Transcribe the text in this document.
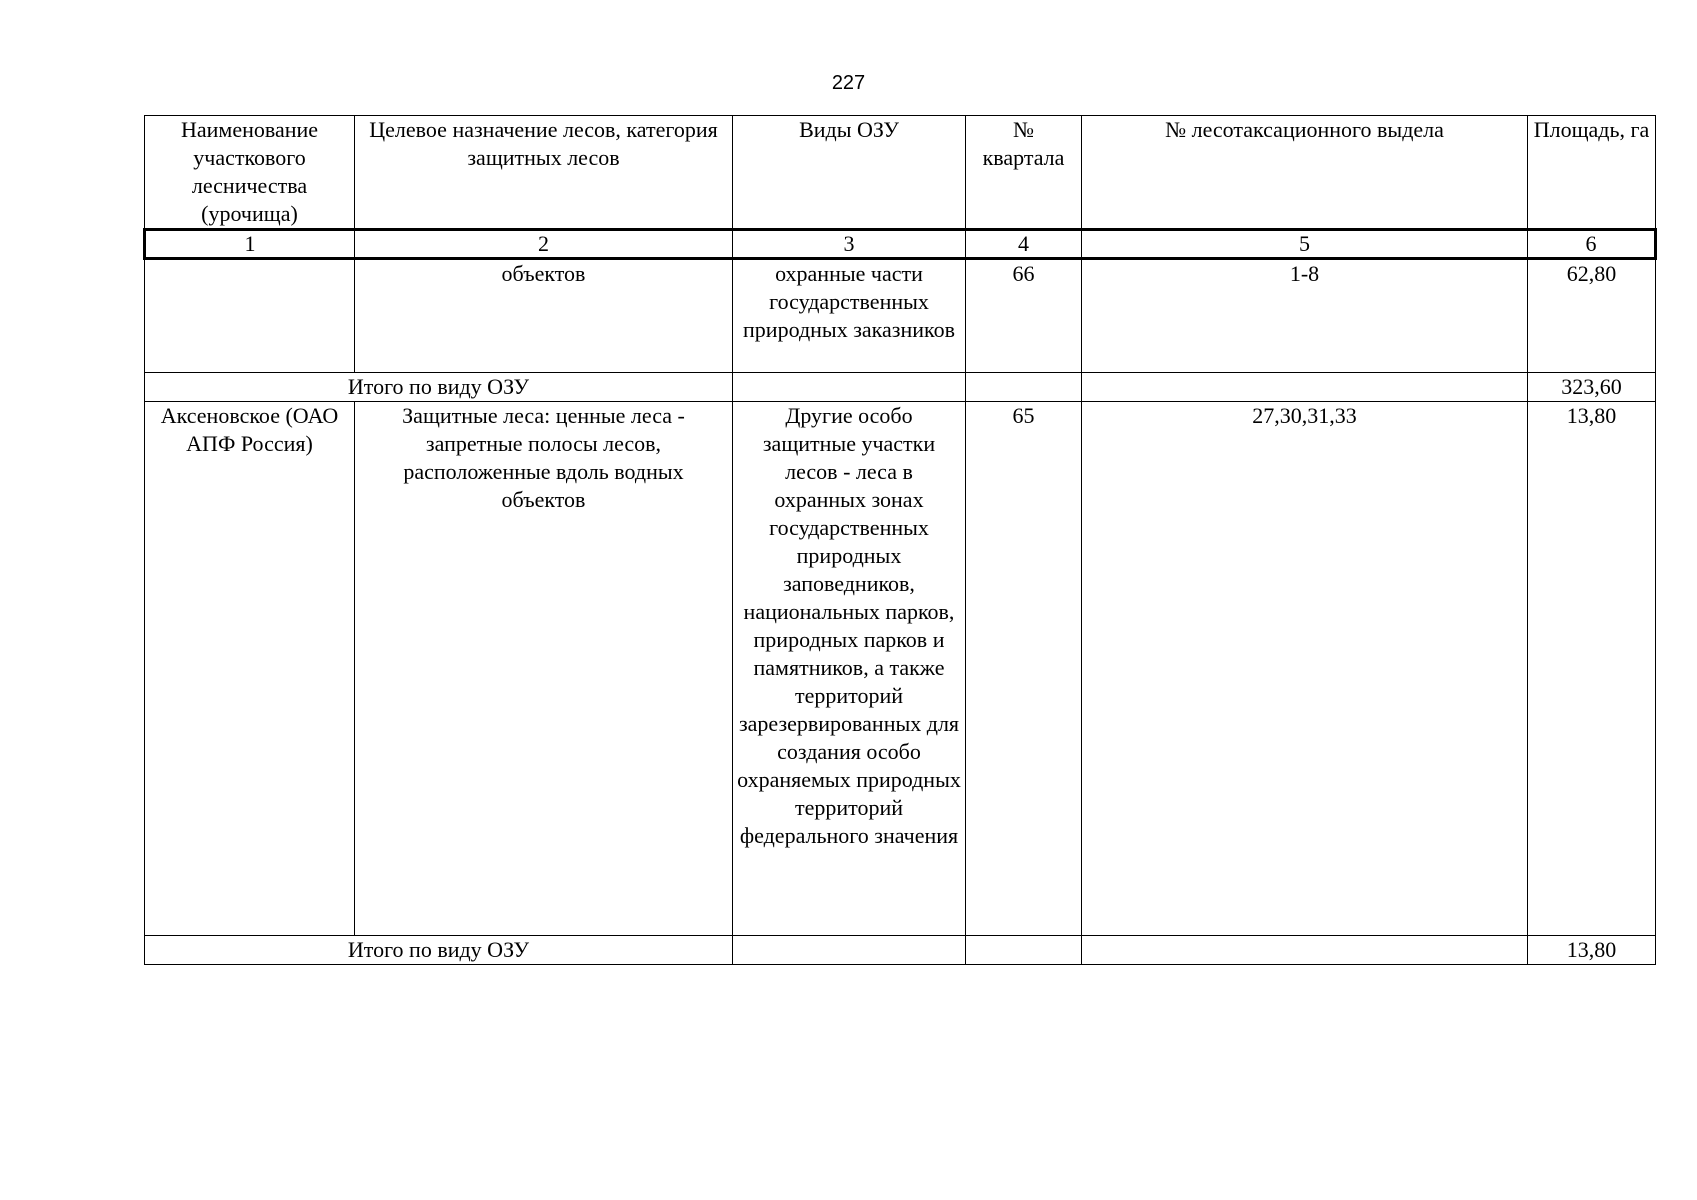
227
Наименование участкового лесничества (урочища)	Целевое назначение лесов, категория защитных лесов	Виды ОЗУ	№ квартала	№ лесотаксационного выдела	Площадь, га
1	2	3	4	5	6
	объектов	охранные части государственных природных заказников	66	1-8	62,80
Итого по виду ОЗУ					323,60
Аксеновское (ОАО АПФ Россия)	Защитные леса: ценные леса - запретные полосы лесов, расположенные вдоль водных объектов	Другие особо защитные участки лесов - леса в охранных зонах государственных природных заповедников, национальных парков, природных парков и памятников, а также территорий зарезервированных для создания особо охраняемых природных территорий федерального значения	65	27,30,31,33	13,80
Итого по виду ОЗУ					13,80
